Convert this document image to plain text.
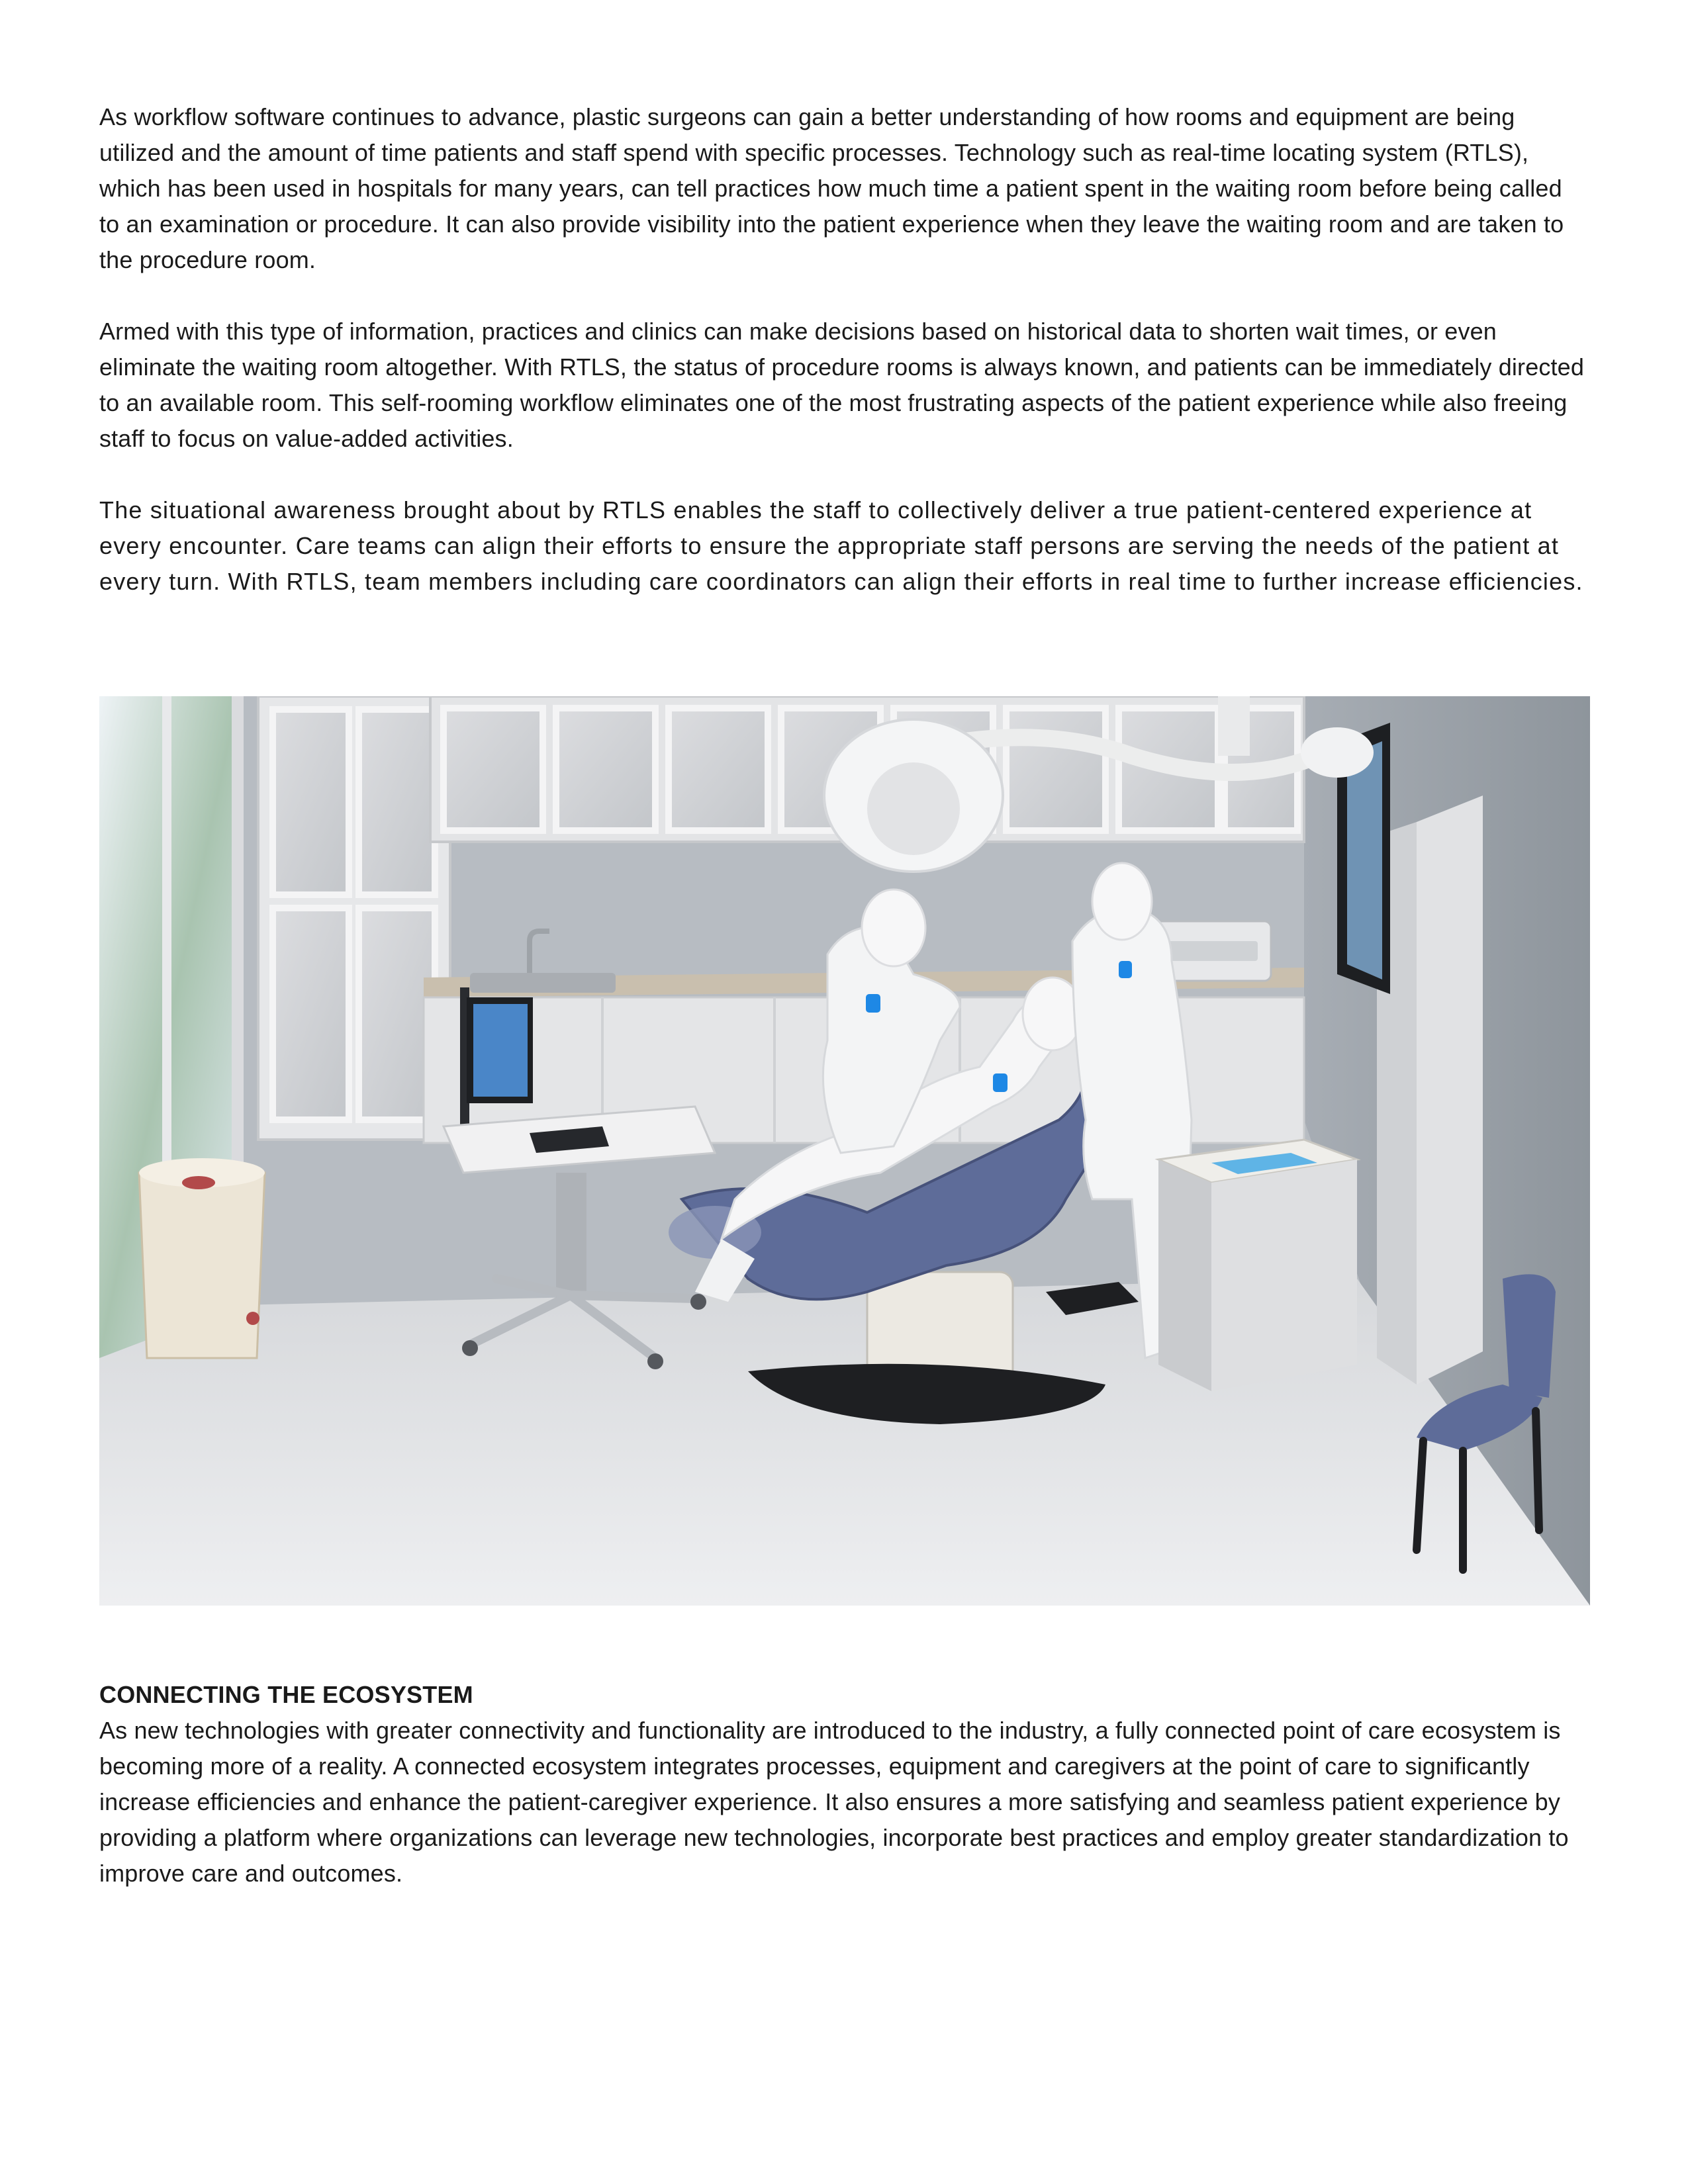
As workflow software continues to advance, plastic surgeons can gain a better understanding of how rooms and equipment are being utilized and the amount of time patients and staff spend with specific processes. Technology such as real-time locating system (RTLS), which has been used in hospitals for many years, can tell practices how much time a patient spent in the waiting room before being called to an examination or procedure. It can also provide visibility into the patient experience when they leave the waiting room and are taken to the procedure room.

Armed with this type of information, practices and clinics can make decisions based on historical data to shorten wait times, or even eliminate the waiting room altogether. With RTLS, the status of procedure rooms is always known, and patients can be immediately directed to an available room. This self-rooming workflow eliminates one of the most frustrating aspects of the patient experience while also freeing staff to focus on value-added activities.

The situational awareness brought about by RTLS enables the staff to collectively deliver a true patient-centered experience at every encounter. Care teams can align their efforts to ensure the appropriate staff persons are serving the needs of the patient at every turn. With RTLS, team members including care coordinators can align their efforts in real time to further increase efficiencies.

CONNECTING THE ECOSYSTEM

As new technologies with greater connectivity and functionality are introduced to the industry, a fully connected point of care ecosystem is becoming more of a reality. A connected ecosystem integrates processes, equipment and caregivers at the point of care to significantly increase efficiencies and enhance the patient-caregiver experience. It also ensures a more satisfying and seamless patient experience by providing a platform where organizations can leverage new technologies, incorporate best practices and employ greater standardization to improve care and outcomes.
